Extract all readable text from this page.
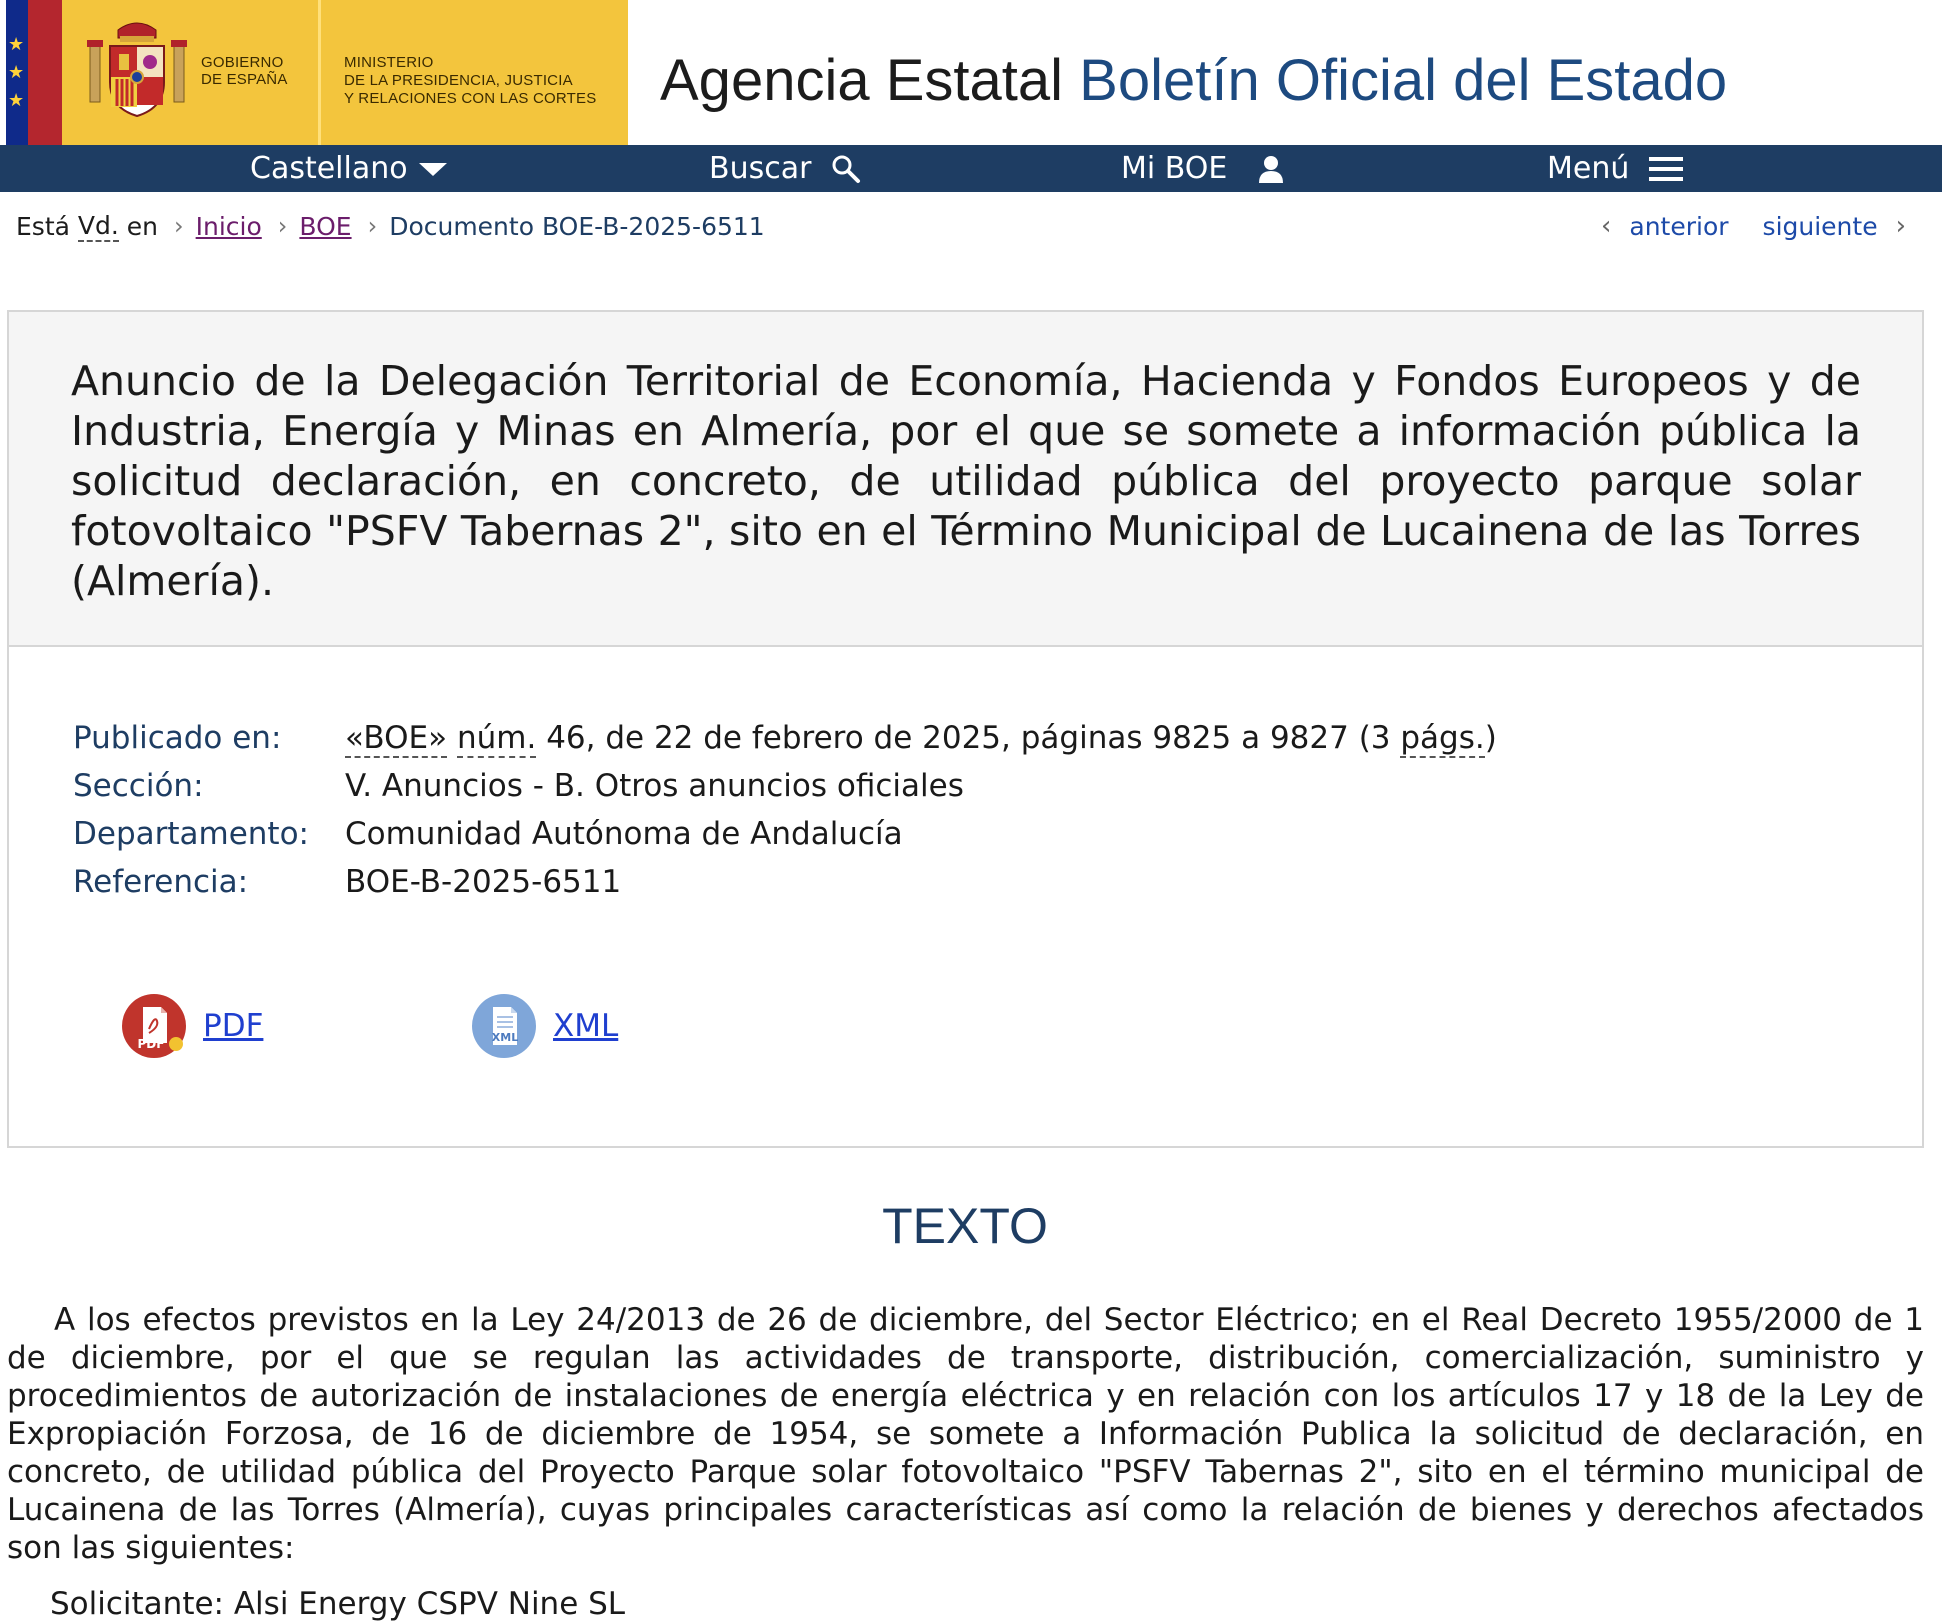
★
★
★
GOBIERNO
DE ESPAÑA
MINISTERIO
DE LA PRESIDENCIA, JUSTICIA
Y RELACIONES CON LAS CORTES Agencia Estatal Boletín Oficial del Estado
Castellano	Buscar	Mi BOE	Menú
Está
Vd.
en › Inicio › BOE › Documento BOE-B-2025-6511	‹ anterior siguiente ›
Anuncio de la Delegación Territorial de Economía, Hacienda y Fondos Europeos y de Industria, Energía y Minas en Almería, por el que se somete a información pública la solicitud declaración, en concreto, de utilidad pública del proyecto parque solar fotovoltaico "PSFV Tabernas 2", sito en el Término Municipal de Lucainena de las Torres (Almería).
Publicado en:	«BOE» núm. 46, de 22 de febrero de 2025, páginas 9825 a 9827 (3 págs.)
Sección:	V. Anuncios - B. Otros anuncios oficiales
Departamento:	Comunidad Autónoma de Andalucía
Referencia:	BOE-B-2025-6511
PDF PDF	XML XML
TEXTO

A los efectos previstos en la Ley 24/2013 de 26 de diciembre, del Sector Eléctrico; en el Real Decreto 1955/2000 de 1 de diciembre, por el que se regulan las actividades de transporte, distribución, comercialización, suministro y procedimientos de autorización de instalaciones de energía eléctrica y en relación con los artículos 17 y 18 de la Ley de Expropiación Forzosa, de 16 de diciembre de 1954, se somete a Información Publica la solicitud de declaración, en concreto, de utilidad pública del Proyecto Parque solar fotovoltaico "PSFV Tabernas 2", sito en el término municipal de Lucainena de las Torres (Almería), cuyas principales características así como la relación de bienes y derechos afectados son las siguientes:

Solicitante: Alsi Energy CSPV Nine SL
